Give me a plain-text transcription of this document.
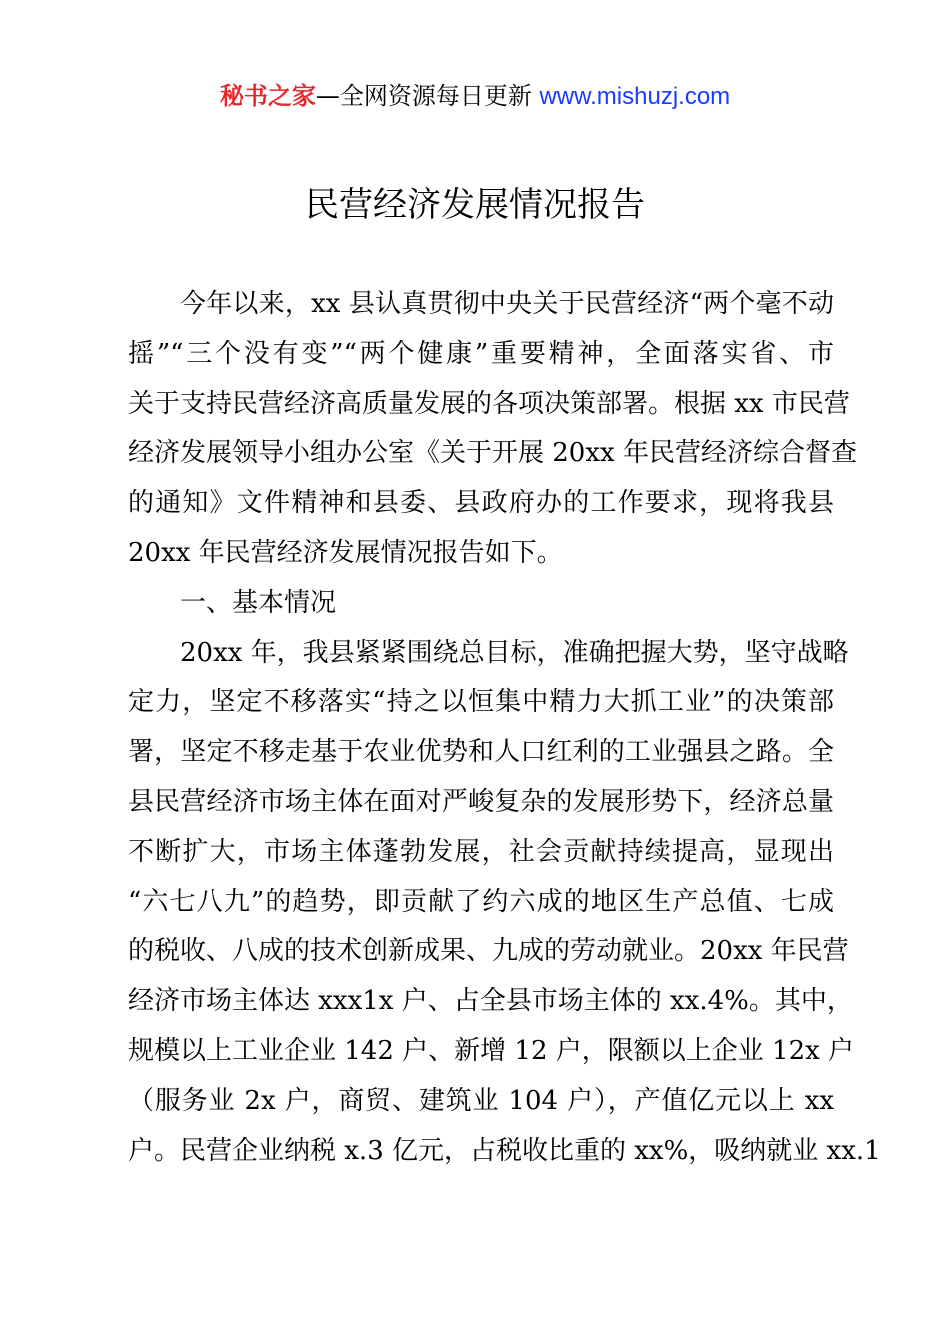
秘书之家—全网资源每日更新 www.mishuzj.com
民营经济发展情况报告
今年以来，xx 县认真贯彻中央关于民营经济“两个毫不动
摇”“三个没有变”“两个健康”重要精神，全面落实省、市
关于支持民营经济高质量发展的各项决策部署。根据 xx 市民营
经济发展领导小组办公室《关于开展 20xx 年民营经济综合督查
的通知》文件精神和县委、县政府办的工作要求，现将我县
20xx 年民营经济发展情况报告如下。
一、基本情况
20xx 年，我县紧紧围绕总目标，准确把握大势，坚守战略
定力，坚定不移落实“持之以恒集中精力大抓工业”的决策部
署，坚定不移走基于农业优势和人口红利的工业强县之路。全
县民营经济市场主体在面对严峻复杂的发展形势下，经济总量
不断扩大，市场主体蓬勃发展，社会贡献持续提高，显现出
“六七八九”的趋势，即贡献了约六成的地区生产总值、七成
的税收、八成的技术创新成果、九成的劳动就业。20xx 年民营
经济市场主体达 xxx1x 户、占全县市场主体的 xx.4%。其中，
规模以上工业企业 142 户、新增 12 户，限额以上企业 12x 户
（服务业 2x 户，商贸、建筑业 104 户），产值亿元以上 xx
户。民营企业纳税 x.3 亿元，占税收比重的 xx%，吸纳就业 xx.1
